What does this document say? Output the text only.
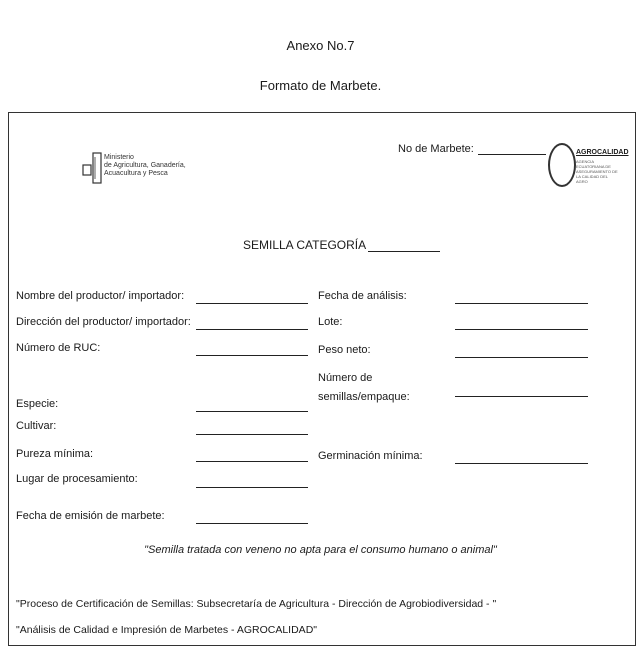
Anexo No.7
Formato de Marbete.
Ministerio
de Agricultura, Ganadería,
Acuacultura y Pesca
No de Marbete:	AGROCALIDAD
AGENCIA ECUATORIANA DE ASEGURAMIENTO DE LA CALIDAD DEL AGRO
SEMILLA CATEGORÍA
Nombre del productor/ importador:
Dirección del productor/ importador:
Número de RUC:
Especie:
Cultivar:
Pureza mínima:
Lugar de procesamiento:
Fecha de emisión de marbete:
Fecha de análisis:
Lote:
Peso neto:
Número de
semillas/empaque:
Germinación mínima:
"Semilla tratada con veneno no apta para el consumo humano o animal"
"Proceso de Certificación de Semillas: Subsecretaría de Agricultura - Dirección de Agrobiodiversidad - "
"Análisis de Calidad e Impresión de Marbetes - AGROCALIDAD"
